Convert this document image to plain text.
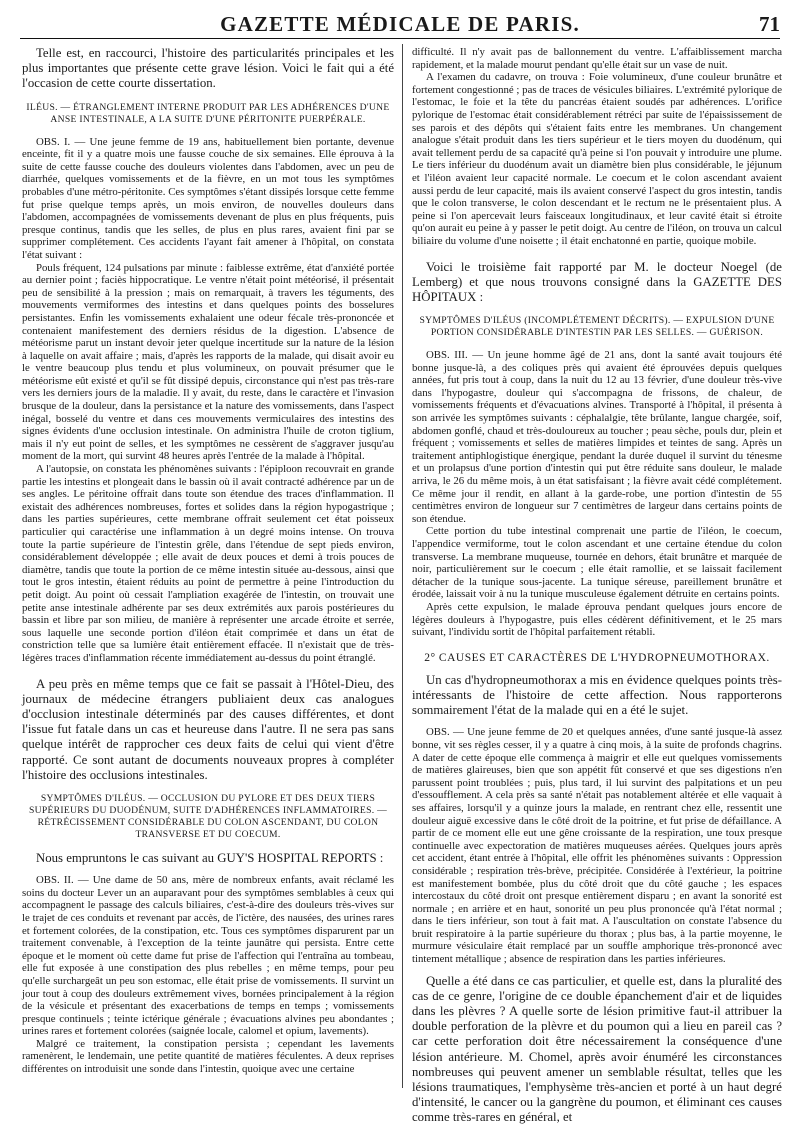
GAZETTE MÉDICALE DE PARIS.	71

Telle est, en raccourci, l'histoire des particularités principales et les plus importantes que présente cette grave lésion. Voici le fait qui a été l'occasion de cette courte dissertation.

ILÉUS. — ÉTRANGLEMENT INTERNE PRODUIT PAR LES ADHÉRENCES D'UNE ANSE INTESTINALE, A LA SUITE D'UNE PÉRITONITE PUERPÉRALE.

OBS. I. — Une jeune femme de 19 ans, habituellement bien portante, devenue enceinte, fit il y a quatre mois une fausse couche de six semaines. Elle éprouva à la suite de cette fausse couche des douleurs violentes dans l'abdomen, avec un peu de diarrhée, quelques vomissements et de la fièvre, en un mot tous les symptômes probables d'une métro-péritonite. Ces symptômes s'étant dissipés lorsque cette femme fut prise quelque temps après, un mois environ, de nouvelles douleurs dans l'abdomen, accompagnées de vomissements devenant de plus en plus fréquents, puis presque continus, tandis que les selles, de plus en plus rares, avaient fini par se supprimer complétement. Ces accidents l'ayant fait amener à l'hôpital, on constata l'état suivant :

Pouls fréquent, 124 pulsations par minute : faiblesse extrême, état d'anxiété portée au dernier point ; faciès hippocratique. Le ventre n'était point météorisé, il présentait peu de sensibilité à la pression ; mais on remarquait, à travers les téguments, des mouvements vermiformes des intestins et dans quelques points des bosselures persistantes. Enfin les vomissements exhalaient une odeur fécale très-prononcée et contenaient manifestement des derniers résidus de la digestion. L'absence de météorisme parut un instant devoir jeter quelque incertitude sur la nature de la lésion à laquelle on avait affaire ; mais, d'après les rapports de la malade, qui disait avoir eu le ventre beaucoup plus tendu et plus volumineux, on pouvait présumer que le météorisme eût existé et qu'il se fût dissipé depuis, circonstance qui n'est pas très-rare vers les derniers jours de la maladie. Il y avait, du reste, dans le caractère et l'invasion brusque de la douleur, dans la persistance et la nature des vomissements, dans l'aspect inégal, bosselé du ventre et dans ces mouvements vermiculaires des intestins des signes évidents d'une occlusion intestinale. On administra l'huile de croton tiglium, mais il n'y eut point de selles, et les symptômes ne cessèrent de s'aggraver jusqu'au moment de la mort, qui survint 48 heures après l'entrée de la malade à l'hôpital.

A l'autopsie, on constata les phénomènes suivants : l'épiploon recouvrait en grande partie les intestins et plongeait dans le bassin où il avait contracté adhérence par un de ses angles. Le péritoine offrait dans toute son étendue des traces d'inflammation. Il existait des adhérences nombreuses, fortes et solides dans la région hypogastrique ; dans les parties supérieures, cette membrane offrait seulement cet état poisseux particulier qui caractérise une inflammation à un degré moins intense. On trouva toute la partie supérieure de l'intestin grêle, dans l'étendue de sept pieds environ, considérablement développée ; elle avait de deux pouces et demi à trois pouces de diamètre, tandis que toute la portion de ce même intestin située au-dessous, ainsi que tout le gros intestin, étaient réduits au point de permettre à peine l'introduction du petit doigt. Au point où cessait l'ampliation exagérée de l'intestin, on trouvait une petite anse intestinale adhérente par ses deux extrémités aux parois postérieures du bassin et libre par son milieu, de manière à représenter une arcade étroite et serrée, sous laquelle une seconde portion d'iléon était comprimée et dans un état de constriction telle que sa lumière était entièrement effacée. Il n'existait que de très-légères traces d'inflammation récente immédiatement au-dessus du point étranglé.

A peu près en même temps que ce fait se passait à l'Hôtel-Dieu, des journaux de médecine étrangers publiaient deux cas analogues d'occlusion intestinale déterminés par des causes différentes, et dont l'issue fut fatale dans un cas et heureuse dans l'autre. Il ne sera pas sans quelque intérêt de rapprocher ces deux faits de celui qui vient d'être rapporté. Ce sont autant de documents nouveaux propres à compléter l'histoire des occlusions intestinales.

SYMPTÔMES D'ILÉUS. — OCCLUSION DU PYLORE ET DES DEUX TIERS SUPÉRIEURS DU DUODÉNUM, SUITE D'ADHÉRENCES INFLAMMATOIRES. — RÉTRÉCISSEMENT CONSIDÉRABLE DU COLON ASCENDANT, DU COLON TRANSVERSE ET DU COECUM.

Nous empruntons le cas suivant au GUY'S HOSPITAL REPORTS :

OBS. II. — Une dame de 50 ans, mère de nombreux enfants, avait réclamé les soins du docteur Lever un an auparavant pour des symptômes semblables à ceux qui accompagnent le passage des calculs biliaires, c'est-à-dire des douleurs très-vives sur le trajet de ces conduits et revenant par accès, de l'ictère, des nausées, des urines rares et fortement colorées, de la constipation, etc. Tous ces symptômes disparurent par un traitement convenable, à l'exception de la teinte jaunâtre qui persista. Entre cette époque et le moment où cette dame fut prise de l'affection qui l'entraîna au tombeau, elle fut exposée à une constipation des plus rebelles ; en même temps, pour peu qu'elle surchargeât un peu son estomac, elle était prise de vomissements. Il survint un jour tout à coup des douleurs extrêmement vives, bornées principalement à la région de la vésicule et présentant des exacerbations de temps en temps ; vomissements presque continuels ; teinte ictérique générale ; évacuations alvines peu abondantes ; urines rares et fortement colorées (saignée locale, calomel et opium, lavements).

Malgré ce traitement, la constipation persista ; cependant les lavements ramenèrent, le lendemain, une petite quantité de matières féculentes. A deux reprises différentes on introduisit une sonde dans l'intestin, quoique avec une certaine

difficulté. Il n'y avait pas de ballonnement du ventre. L'affaiblissement marcha rapidement, et la malade mourut pendant qu'elle était sur un vase de nuit.

A l'examen du cadavre, on trouva : Foie volumineux, d'une couleur brunâtre et fortement congestionné ; pas de traces de vésicules biliaires. L'extrémité pylorique de l'estomac, le foie et la tête du pancréas étaient soudés par adhérences. L'orifice pylorique de l'estomac était considérablement rétréci par suite de l'épaississement de ses parois et des dépôts qui s'étaient faits entre les membranes. Un changement analogue s'était produit dans les tiers supérieur et le tiers moyen du duodénum, qui avait tellement perdu de sa capacité qu'à peine si l'on pouvait y introduire une plume. Le tiers inférieur du duodénum avait un diamètre bien plus considérable, le jéjunum et l'iléon avaient leur capacité normale. Le coecum et le colon ascendant avaient aussi perdu de leur capacité, mais ils avaient conservé l'aspect du gros intestin, tandis que le colon transverse, le colon descendant et le rectum ne le présentaient plus. A peine si l'on apercevait leurs faisceaux longitudinaux, et leur cavité était si étroite qu'on aurait eu peine à y passer le petit doigt. Au centre de l'iléon, on trouva un calcul biliaire du volume d'une noisette ; il était enchatonné en partie, quoique mobile.

Voici le troisième fait rapporté par M. le docteur Noegel (de Lemberg) et que nous trouvons consigné dans la GAZETTE DES HÔPITAUX :

SYMPTÔMES D'ILÉUS (INCOMPLÉTEMENT DÉCRITS). — EXPULSION D'UNE PORTION CONSIDÉRABLE D'INTESTIN PAR LES SELLES. — GUÉRISON.

OBS. III. — Un jeune homme âgé de 21 ans, dont la santé avait toujours été bonne jusque-là, a des coliques près qui avaient été éprouvées depuis quelques années, fut pris tout à coup, dans la nuit du 12 au 13 février, d'une douleur très-vive dans l'hypogastre, douleur qui s'accompagna de frissons, de chaleur, de vomissements fréquents et d'évacuations alvines. Transporté à l'hôpital, il présenta à son arrivée les symptômes suivants : céphalalgie, tête brûlante, langue chargée, soif, abdomen gonflé, chaud et très-douloureux au toucher ; peau sèche, pouls dur, plein et fréquent ; vomissements et selles de matières limpides et teintes de sang. Après un traitement antiphlogistique énergique, pendant la durée duquel il survint du ténesme et un prolapsus d'une portion d'intestin qui put être réduite sans douleur, le malade arriva, le 26 du même mois, à un état satisfaisant ; la fièvre avait cédé complétement. Ce même jour il rendit, en allant à la garde-robe, une portion d'intestin de 55 centimètres environ de longueur sur 7 centimètres de largeur dans certains points de son étendue.

Cette portion du tube intestinal comprenait une partie de l'iléon, le coecum, l'appendice vermiforme, tout le colon ascendant et une certaine étendue du colon transverse. La membrane muqueuse, tournée en dehors, était brunâtre et marquée de noir, particulièrement sur le coecum ; elle était ramollie, et se laissait facilement détacher de la tunique sous-jacente. La tunique séreuse, pareillement brunâtre et érodée, laissait voir à nu la tunique musculeuse également détruite en certains points.

Après cette expulsion, le malade éprouva pendant quelques jours encore de légères douleurs à l'hypogastre, puis elles cédèrent définitivement, et le 25 mars suivant, l'individu sortit de l'hôpital parfaitement rétabli.

2° CAUSES ET CARACTÈRES DE L'HYDROPNEUMOTHORAX.

Un cas d'hydropneumothorax a mis en évidence quelques points très-intéressants de l'histoire de cette affection. Nous rapporterons sommairement l'état de la malade qui en a été le sujet.

OBS. — Une jeune femme de 20 et quelques années, d'une santé jusque-là assez bonne, vit ses règles cesser, il y a quatre à cinq mois, à la suite de profonds chagrins. A dater de cette époque elle commença à maigrir et elle eut quelques vomissements de matières glaireuses, bien que son appétit fût conservé et que ses digestions n'en parussent point troublées ; puis, plus tard, il lui survint des palpitations et un peu d'essoufflement. A cela près sa santé n'était pas notablement altérée et elle vaquait à ses affaires, lorsqu'il y a quinze jours la malade, en rentrant chez elle, ressentit une douleur aiguë excessive dans le côté droit de la poitrine, et fut prise de défaillance. A partir de ce moment elle eut une gêne croissante de la respiration, une toux presque continuelle avec expectoration de matières muqueuses aérées. Quelques jours après cet accident, étant entrée à l'hôpital, elle offrit les phénomènes suivants : Oppression considérable ; respiration très-brève, précipitée. Considérée à l'extérieur, la poitrine est manifestement bombée, plus du côté droit que du côté gauche ; les espaces intercostaux du côté droit ont presque entièrement disparu ; en avant la sonorité est normale ; en arrière et en haut, sonorité un peu plus prononcée qu'à l'état normal ; dans le tiers inférieur, son tout à fait mat. A l'auscultation on constate l'absence du bruit respiratoire à la partie supérieure du thorax ; plus bas, à la partie moyenne, le murmure vésiculaire était remplacé par un souffle amphorique très-prononcé avec tintement métallique ; absence de respiration dans les parties inférieures.

Quelle a été dans ce cas particulier, et quelle est, dans la pluralité des cas de ce genre, l'origine de ce double épanchement d'air et de liquides dans les plèvres ? A quelle sorte de lésion primitive faut-il attribuer la double perforation de la plèvre et du poumon qui a lieu en pareil cas ? car cette perforation doit être nécessairement la conséquence d'une lésion antérieure. M. Chomel, après avoir énuméré les circonstances nombreuses qui peuvent amener un semblable résultat, telles que les lésions traumatiques, l'emphysème très-ancien et porté à un haut degré d'intensité, le cancer ou la gangrène du poumon, et éliminant ces causes comme très-rares en général, et
